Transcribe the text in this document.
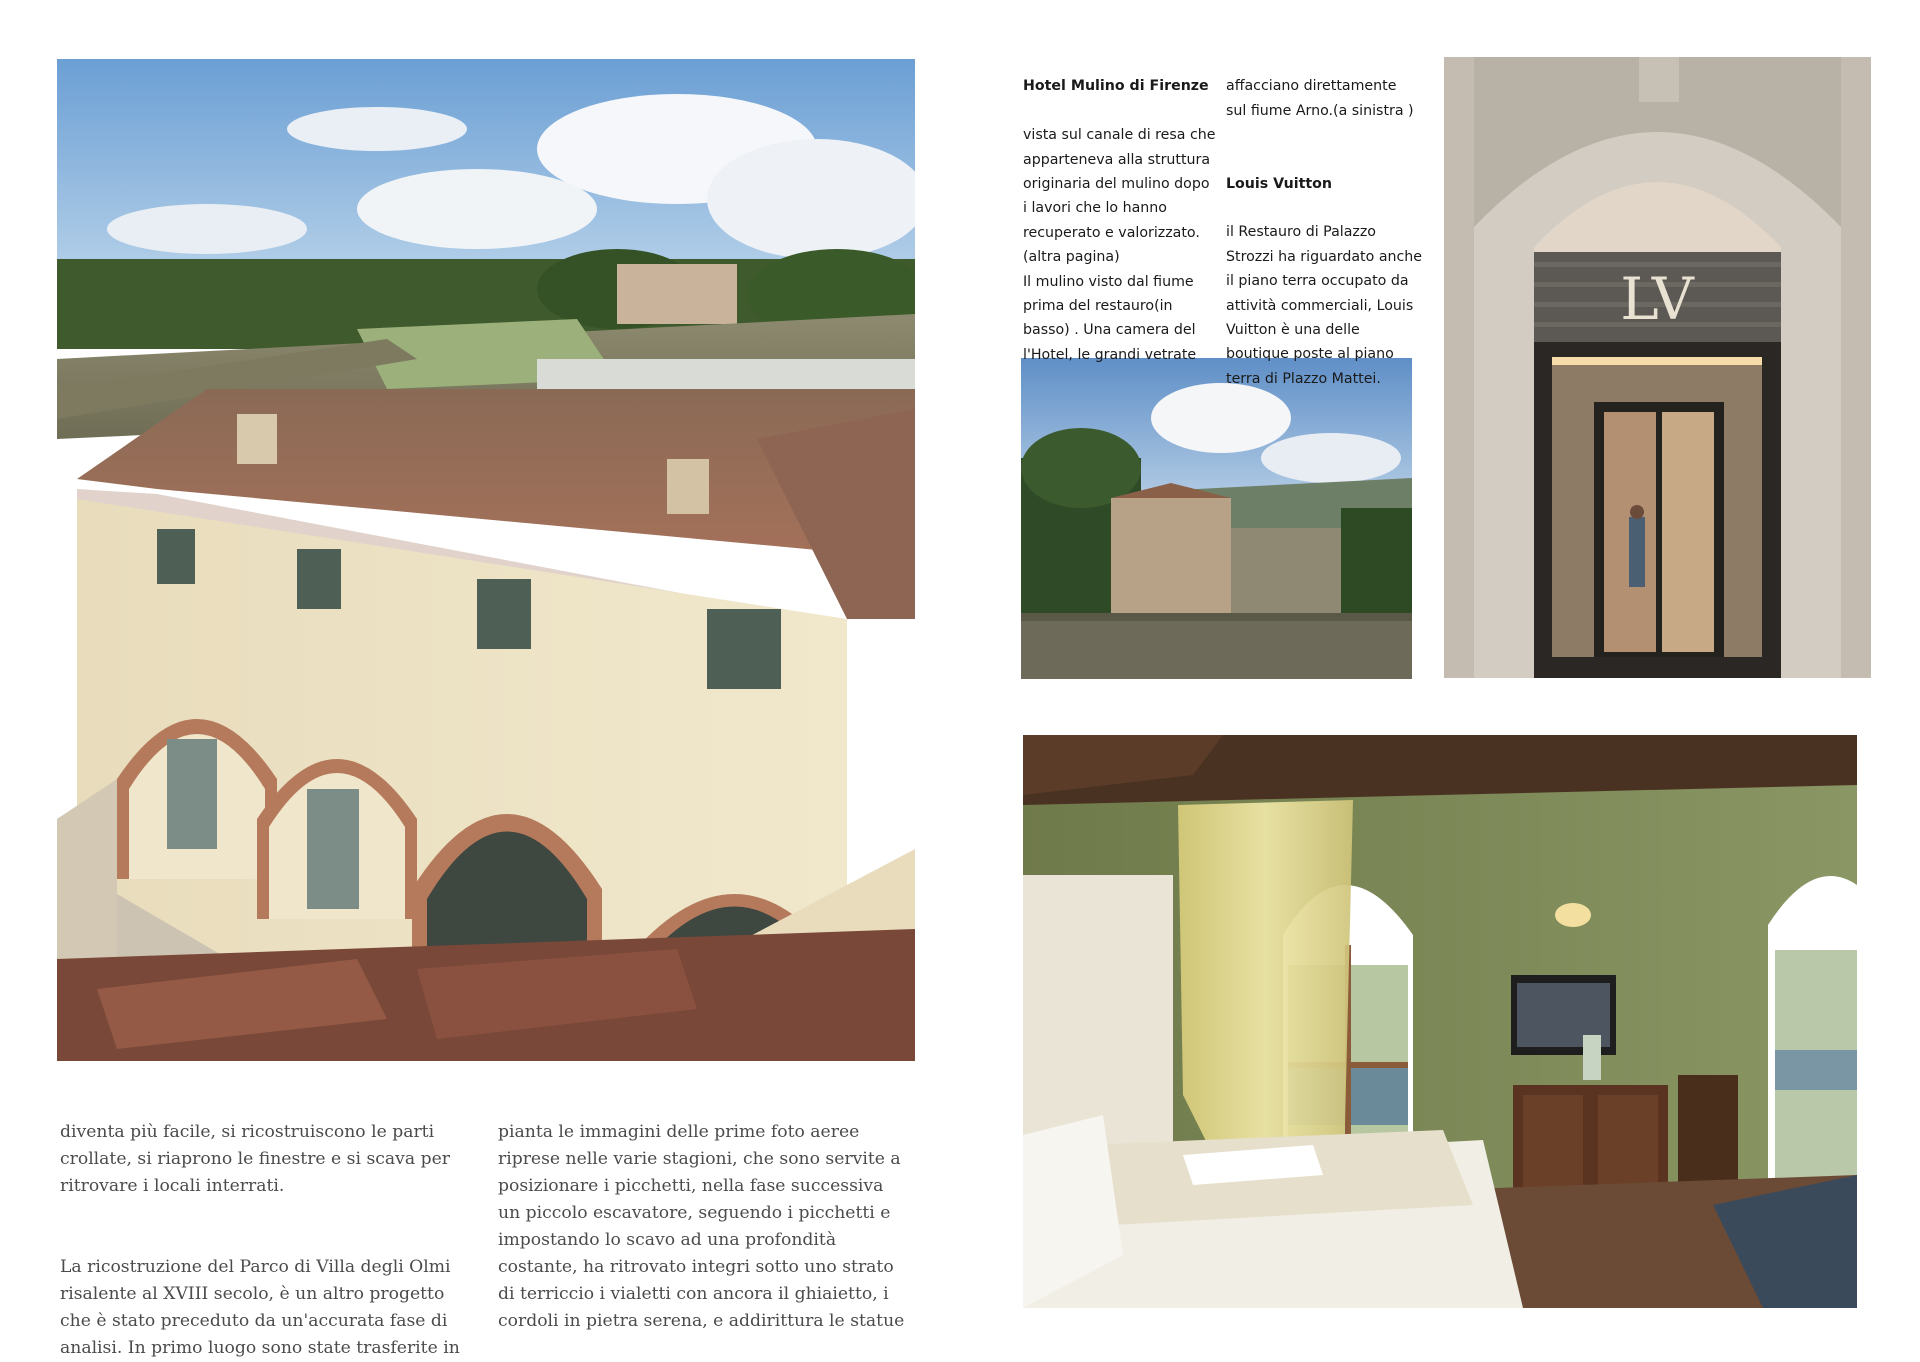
LV

Hotel Mulino di Firenze

vista sul canale di resa che
apparteneva alla struttura
originaria del mulino dopo
i lavori che lo hanno
recuperato e valorizzato.
(altra pagina)
Il mulino visto dal fiume
prima del restauro(in
basso) . Una camera del
l'Hotel, le grandi vetrate

affacciano direttamente
sul fiume Arno.(a sinistra )

Louis Vuitton

il Restauro di Palazzo
Strozzi ha riguardato anche
il piano terra occupato da
attività commerciali, Louis
Vuitton è una delle
boutique poste al piano
terra di Plazzo Mattei.

diventa più facile, si ricostruiscono le parti
crollate, si riaprono le finestre e si scava per
ritrovare i locali interrati.

La ricostruzione del Parco di Villa degli Olmi
risalente al XVIII secolo, è un altro progetto
che è stato preceduto da un'accurata fase di
analisi. In primo luogo sono state trasferite in

pianta le immagini delle prime foto aeree
riprese nelle varie stagioni, che sono servite a
posizionare i picchetti, nella fase successiva
un piccolo escavatore, seguendo i picchetti e
impostando lo scavo ad una profondità
costante, ha ritrovato integri sotto uno strato
di terriccio i vialetti con ancora il ghiaietto, i
cordoli in pietra serena, e addirittura le statue
